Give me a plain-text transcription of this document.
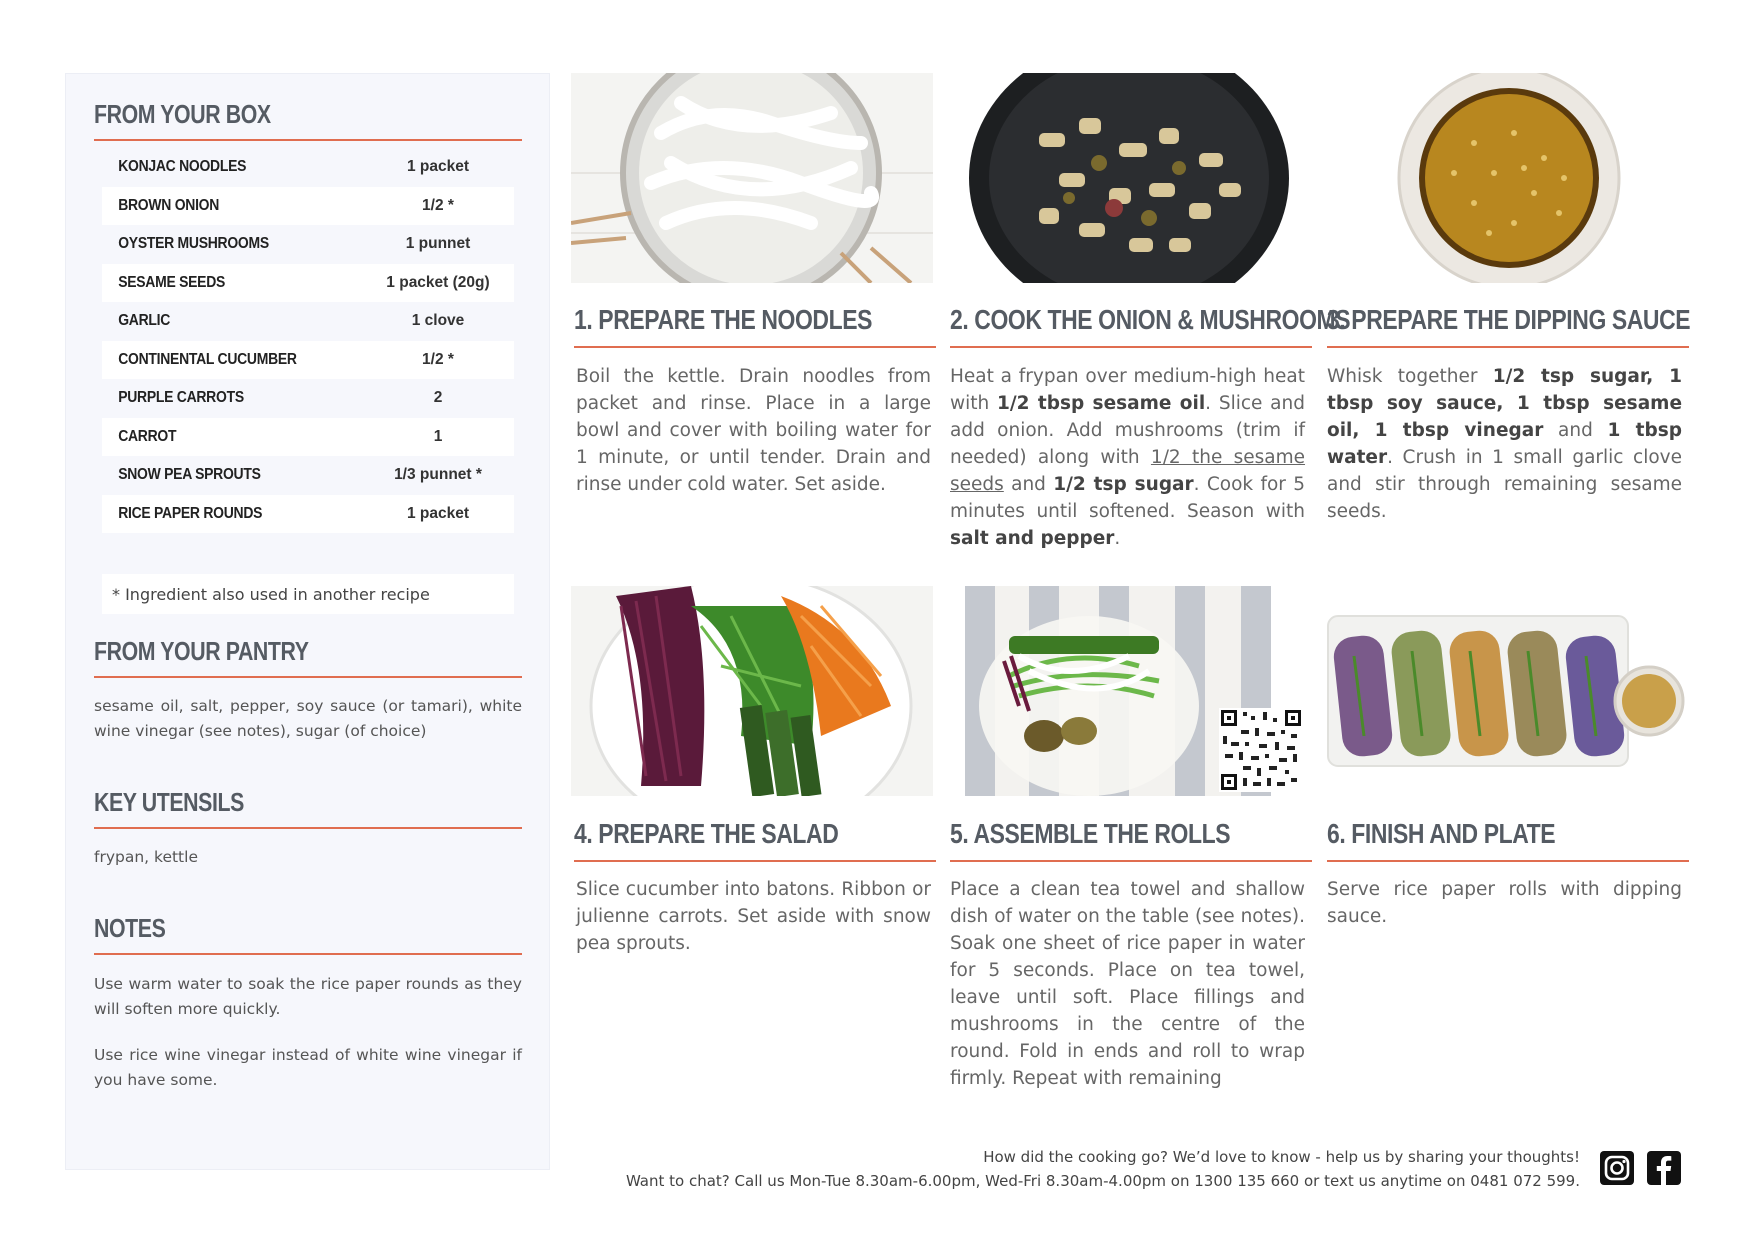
FROM YOUR BOX
KONJAC NOODLES	1 packet
BROWN ONION	1/2 *
OYSTER MUSHROOMS	1 punnet
SESAME SEEDS	1 packet (20g)
GARLIC	1 clove
CONTINENTAL CUCUMBER	1/2 *
PURPLE CARROTS	2
CARROT	1
SNOW PEA SPROUTS	1/3 punnet *
RICE PAPER ROUNDS	1 packet
* Ingredient also used in another recipe
FROM YOUR PANTRY
sesame oil, salt, pepper, soy sauce (or tamari), white wine vinegar (see notes), sugar (of choice)
KEY UTENSILS
frypan, kettle
NOTES
Use warm water to soak the rice paper rounds as they will soften more quickly.
Use rice wine vinegar instead of white wine vinegar if you have some.
1. PREPARE THE NOODLES
Boil the kettle. Drain noodles from packet and rinse. Place in a large bowl and cover with boiling water for 1 minute, or until tender. Drain and rinse under cold water. Set aside.
2. COOK THE ONION & MUSHROOMS
Heat a frypan over medium-high heat with 1/2 tbsp sesame oil. Slice and add onion. Add mushrooms (trim if needed) along with 1/2 the sesame seeds and 1/2 tsp sugar. Cook for 5 minutes until softened. Season with salt and pepper.
3. PREPARE THE DIPPING SAUCE
Whisk together 1/2 tsp sugar, 1 tbsp soy sauce, 1 tbsp sesame oil, 1 tbsp vinegar and 1 tbsp water. Crush in 1 small garlic clove and stir through remaining sesame seeds.
4. PREPARE THE SALAD
Slice cucumber into batons. Ribbon or julienne carrots. Set aside with snow pea sprouts.
5. ASSEMBLE THE ROLLS
Place a clean tea towel and shallow dish of water on the table (see notes). Soak one sheet of rice paper in water for 5 seconds. Place on tea towel, leave until soft. Place fillings and mushrooms in the centre of the round. Fold in ends and roll to wrap firmly. Repeat with remaining
6. FINISH AND PLATE
Serve rice paper rolls with dipping sauce.
How did the cooking go? We’d love to know - help us by sharing your thoughts!
Want to chat? Call us Mon-Tue 8.30am-6.00pm, Wed-Fri 8.30am-4.00pm on 1300 135 660 or text us anytime on 0481 072 599.
